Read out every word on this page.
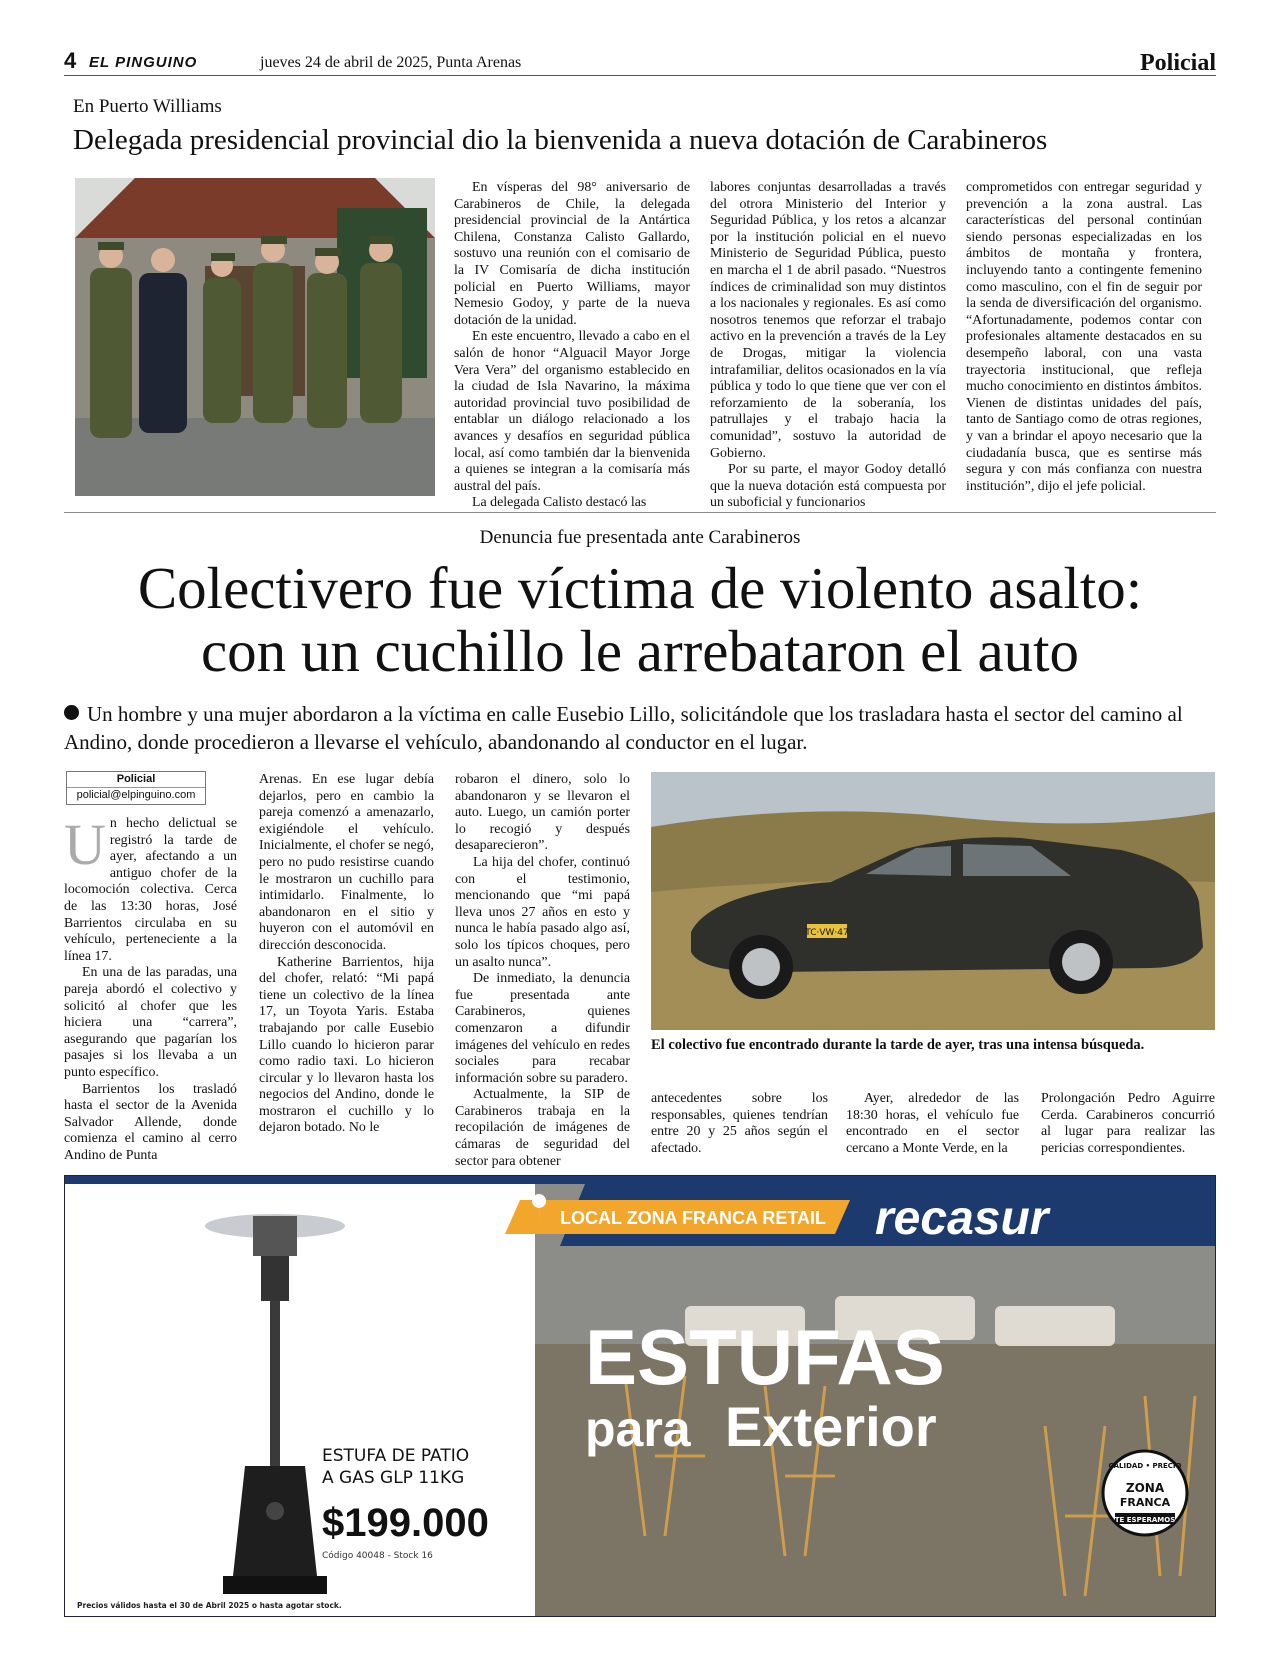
4 EL PINGUINO	jueves 24 de abril de 2025, Punta Arenas	Policial
En Puerto Williams
Delegada presidencial provincial dio la bienvenida a nueva dotación de Carabineros

En vísperas del 98° aniversario de Carabineros de Chile, la delegada presidencial provincial de la Antártica Chilena, Constanza Calisto Gallardo, sostuvo una reunión con el comisario de la IV Comisaría de dicha institución policial en Puerto Williams, mayor Nemesio Godoy, y parte de la nueva dotación de la unidad.

En este encuentro, llevado a cabo en el salón de honor “Alguacil Mayor Jorge Vera Vera” del organismo establecido en la ciudad de Isla Navarino, la máxima autoridad provincial tuvo posibilidad de entablar un diálogo relacionado a los avances y desafíos en seguridad pública local, así como también dar la bienvenida a quienes se integran a la comisaría más austral del país.

La delegada Calisto destacó las

labores conjuntas desarrolladas a través del otrora Ministerio del Interior y Seguridad Pública, y los retos a alcanzar por la institución policial en el nuevo Ministerio de Seguridad Pública, puesto en marcha el 1 de abril pasado. “Nuestros índices de criminalidad son muy distintos a los nacionales y regionales. Es así como nosotros tenemos que reforzar el trabajo activo en la prevención a través de la Ley de Drogas, mitigar la violencia intrafamiliar, delitos ocasionados en la vía pública y todo lo que tiene que ver con el reforzamiento de la soberanía, los patrullajes y el trabajo hacia la comunidad”, sostuvo la autoridad de Gobierno.

Por su parte, el mayor Godoy detalló que la nueva dotación está compuesta por un suboficial y funcionarios

comprometidos con entregar seguridad y prevención a la zona austral. Las características del personal continúan siendo personas especializadas en los ámbitos de montaña y frontera, incluyendo tanto a contingente femenino como masculino, con el fin de seguir por la senda de diversificación del organismo. “Afortunadamente, podemos contar con profesionales altamente destacados en su desempeño laboral, con una vasta trayectoria institucional, que refleja mucho conocimiento en distintos ámbitos. Vienen de distintas unidades del país, tanto de Santiago como de otras regiones, y van a brindar el apoyo necesario que la ciudadanía busca, que es sentirse más segura y con más confianza con nuestra institución”, dijo el jefe policial.

Denuncia fue presentada ante Carabineros
Colectivero fue víctima de violento asalto:
con un cuchillo le arrebataron el auto
Un hombre y una mujer abordaron a la víctima en calle Eusebio Lillo, solicitándole que los trasladara hasta el sector del camino al Andino, donde procedieron a llevarse el vehículo, abandonando al conductor en el lugar.
Policial
policial@elpinguino.com

Un hecho delictual se registró la tarde de ayer, afectando a un antiguo chofer de la locomoción colectiva. Cerca de las 13:30 horas, José Barrientos circulaba en su vehículo, perteneciente a la línea 17.

En una de las paradas, una pareja abordó el colectivo y solicitó al chofer que les hiciera una “carrera”, asegurando que pagarían los pasajes si los llevaba a un punto específico.

Barrientos los trasladó hasta el sector de la Avenida Salvador Allende, donde comienza el camino al cerro Andino de Punta

Arenas. En ese lugar debía dejarlos, pero en cambio la pareja comenzó a amenazarlo, exigiéndole el vehículo. Inicialmente, el chofer se negó, pero no pudo resistirse cuando le mostraron un cuchillo para intimidarlo. Finalmente, lo abandonaron en el sitio y huyeron con el automóvil en dirección desconocida.

Katherine Barrientos, hija del chofer, relató: “Mi papá tiene un colectivo de la línea 17, un Toyota Yaris. Estaba trabajando por calle Eusebio Lillo cuando lo hicieron parar como radio taxi. Lo hicieron circular y lo llevaron hasta los negocios del Andino, donde le mostraron el cuchillo y lo dejaron botado. No le

robaron el dinero, solo lo abandonaron y se llevaron el auto. Luego, un camión porter lo recogió y después desaparecieron”.

La hija del chofer, continuó con el testimonio, mencionando que “mi papá lleva unos 27 años en esto y nunca le había pasado algo así, solo los típicos choques, pero un asalto nunca”.

De inmediato, la denuncia fue presentada ante Carabineros, quienes comenzaron a difundir imágenes del vehículo en redes sociales para recabar información sobre su paradero.

Actualmente, la SIP de Carabineros trabaja en la recopilación de imágenes de cámaras de seguridad del sector para obtener

TC·VW·47
El colectivo fue encontrado durante la tarde de ayer, tras una intensa búsqueda.

antecedentes sobre los responsables, quienes tendrían entre 20 y 25 años según el afectado.

Ayer, alrededor de las 18:30 horas, el vehículo fue encontrado en el sector cercano a Monte Verde, en la

Prolongación Pedro Aguirre Cerda. Carabineros concurrió al lugar para realizar las pericias correspondientes.

LOCAL ZONA FRANCA RETAIL recasur
ESTUFAS
para Exterior
ESTUFA DE PATIO
A GAS GLP 11KG
$199.000
Código 40048 - Stock 16
Precios válidos hasta el 30 de Abril 2025 o hasta agotar stock.
CALIDAD • PRECIO
ZONA
FRANCA
TE ESPERAMOS
